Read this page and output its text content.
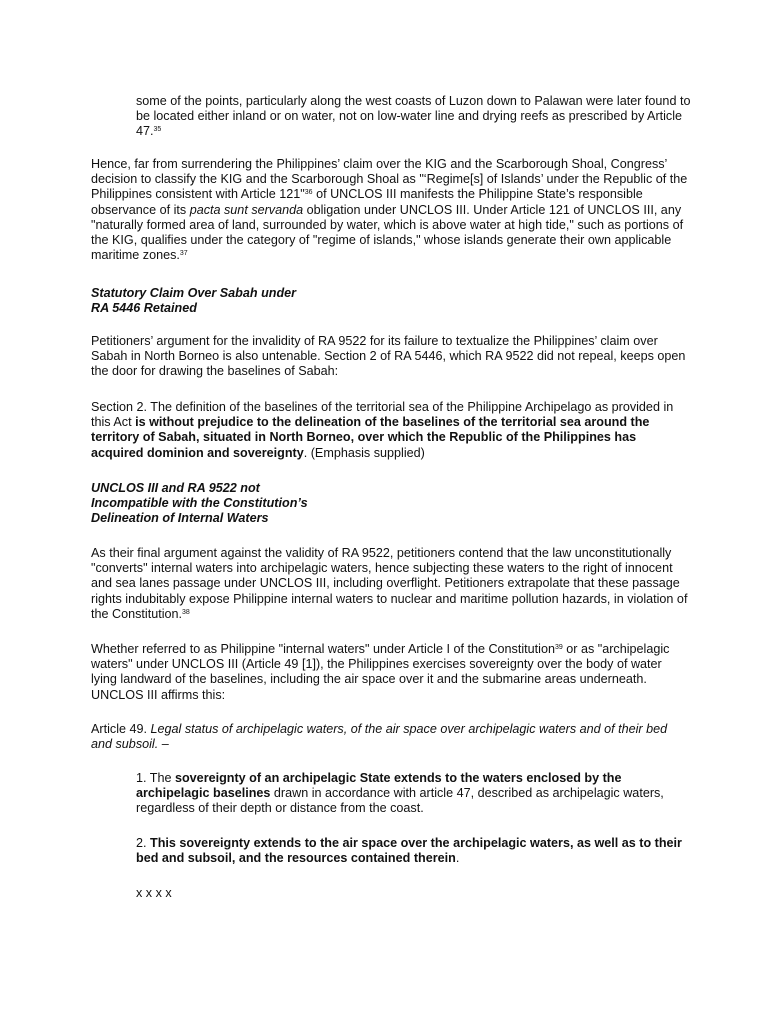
some of the points, particularly along the west coasts of Luzon down to Palawan were later found to be located either inland or on water, not on low-water line and drying reefs as prescribed by Article 47.35

Hence, far from surrendering the Philippines’ claim over the KIG and the Scarborough Shoal, Congress’ decision to classify the KIG and the Scarborough Shoal as "‘Regime[s] of Islands’ under the Republic of the Philippines consistent with Article 121"$^{36}$ of UNCLOS III manifests the Philippine State’s responsible observance of its pacta sunt servanda obligation under UNCLOS III. Under Article 121 of UNCLOS III, any "naturally formed area of land, surrounded by water, which is above water at high tide," such as portions of the KIG, qualifies under the category of "regime of islands," whose islands generate their own applicable maritime zones.$^{37}$

Statutory Claim Over Sabah under
RA 5446 Retained

Petitioners’ argument for the invalidity of RA 9522 for its failure to textualize the Philippines’ claim over Sabah in North Borneo is also untenable. Section 2 of RA 5446, which RA 9522 did not repeal, keeps open the door for drawing the baselines of Sabah:

Section 2. The definition of the baselines of the territorial sea of the Philippine Archipelago as provided in this Act is without prejudice to the delineation of the baselines of the territorial sea around the territory of Sabah, situated in North Borneo, over which the Republic of the Philippines has acquired dominion and sovereignty. (Emphasis supplied)

UNCLOS III and RA 9522 not
Incompatible with the Constitution’s
Delineation of Internal Waters

As their final argument against the validity of RA 9522, petitioners contend that the law unconstitutionally "converts" internal waters into archipelagic waters, hence subjecting these waters to the right of innocent and sea lanes passage under UNCLOS III, including overflight. Petitioners extrapolate that these passage rights indubitably expose Philippine internal waters to nuclear and maritime pollution hazards, in violation of the Constitution.$^{38}$

Whether referred to as Philippine "internal waters" under Article I of the Constitution$^{39}$ or as "archipelagic waters" under UNCLOS III (Article 49 [1]), the Philippines exercises sovereignty over the body of water lying landward of the baselines, including the air space over it and the submarine areas underneath. UNCLOS III affirms this:

Article 49. Legal status of archipelagic waters, of the air space over archipelagic waters and of their bed and subsoil. –

1. The sovereignty of an archipelagic State extends to the waters enclosed by the archipelagic baselines drawn in accordance with article 47, described as archipelagic waters, regardless of their depth or distance from the coast.

2. This sovereignty extends to the air space over the archipelagic waters, as well as to their bed and subsoil, and the resources contained therein.

x x x x
